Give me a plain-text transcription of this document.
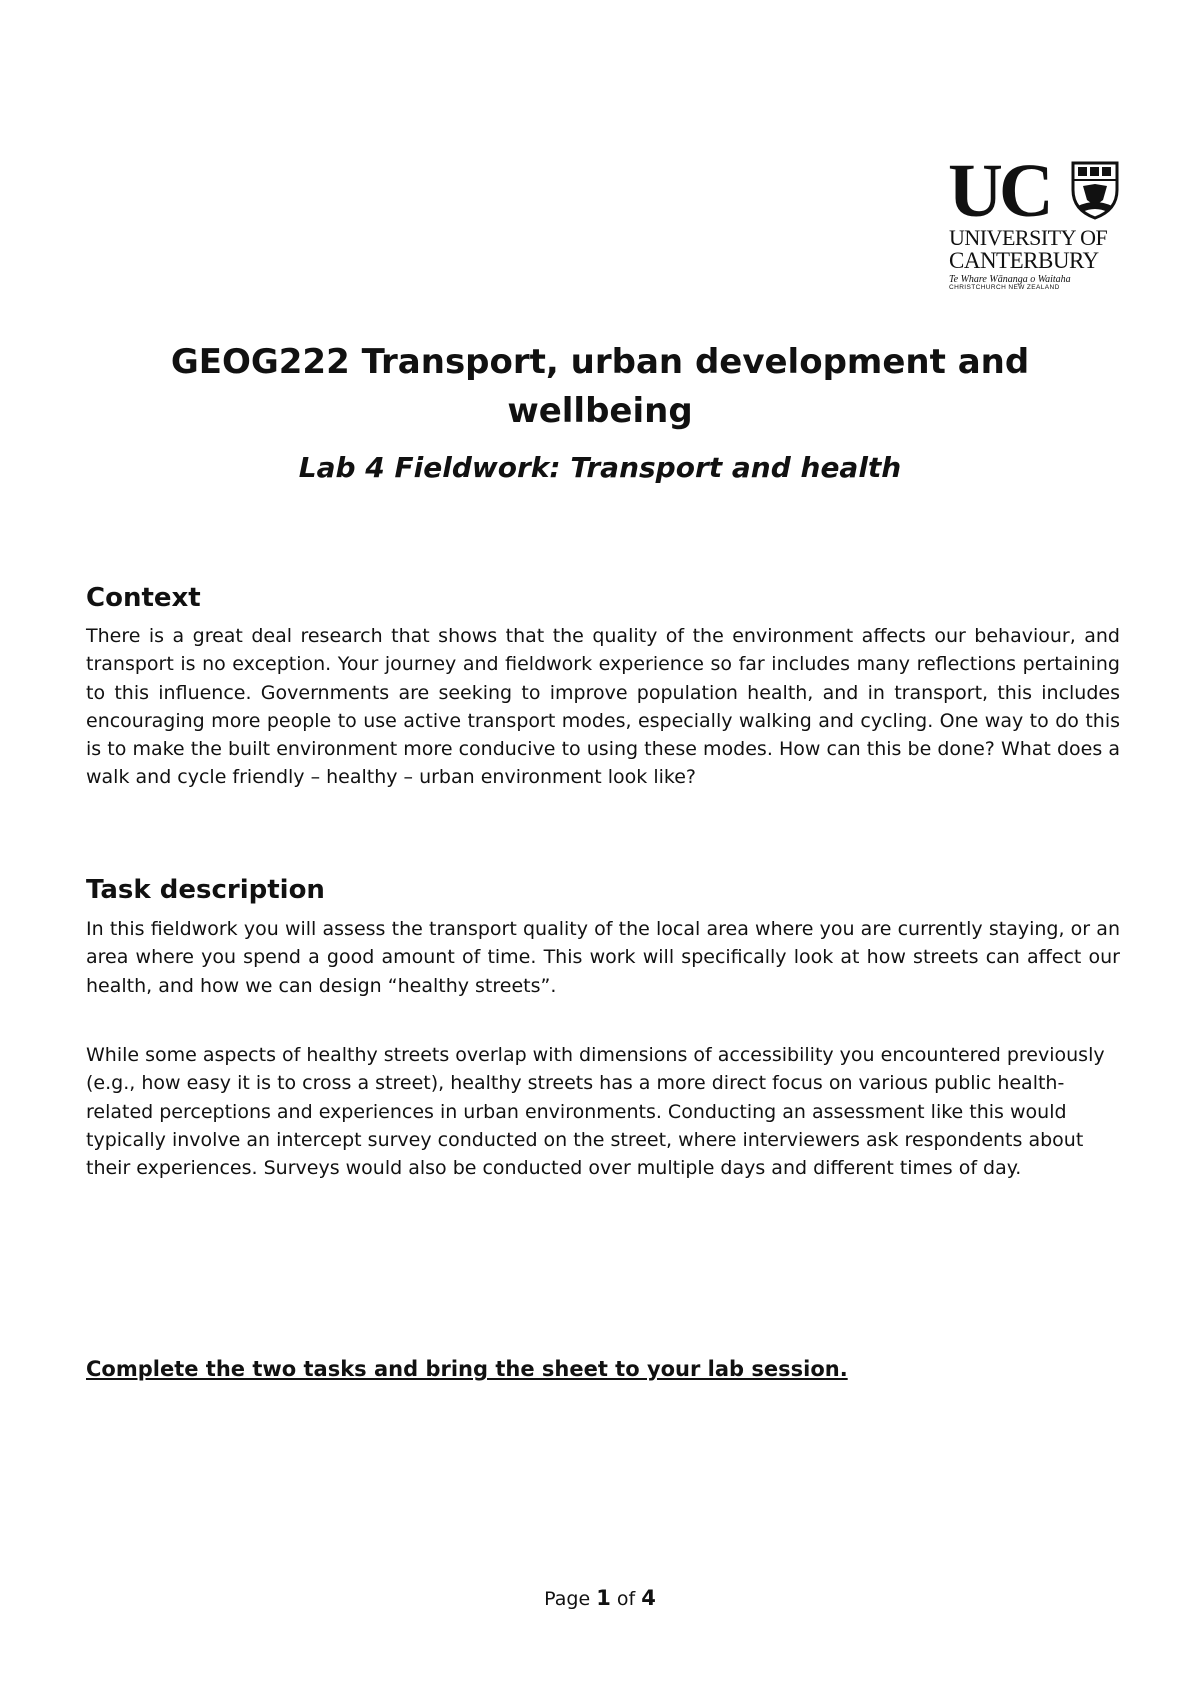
UC
UNIVERSITY OF
CANTERBURY
Te Whare Wānanga o Waitaha
CHRISTCHURCH NEW ZEALAND
GEOG222 Transport, urban development and wellbeing
Lab 4 Fieldwork: Transport and health
Context

There is a great deal research that shows that the quality of the environment affects our behaviour, and transport is no exception. Your journey and fieldwork experience so far includes many reflections pertaining to this influence. Governments are seeking to improve population health, and in transport, this includes encouraging more people to use active transport modes, especially walking and cycling. One way to do this is to make the built environment more conducive to using these modes. How can this be done? What does a walk and cycle friendly – healthy – urban environment look like?

Task description

In this fieldwork you will assess the transport quality of the local area where you are currently staying, or an area where you spend a good amount of time. This work will specifically look at how streets can affect our health, and how we can design “healthy streets”.

While some aspects of healthy streets overlap with dimensions of accessibility you encountered previously (e.g., how easy it is to cross a street), healthy streets has a more direct focus on various public health-related perceptions and experiences in urban environments. Conducting an assessment like this would typically involve an intercept survey conducted on the street, where interviewers ask respondents about their experiences. Surveys would also be conducted over multiple days and different times of day.

Complete the two tasks and bring the sheet to your lab session.

Page 1 of 4
